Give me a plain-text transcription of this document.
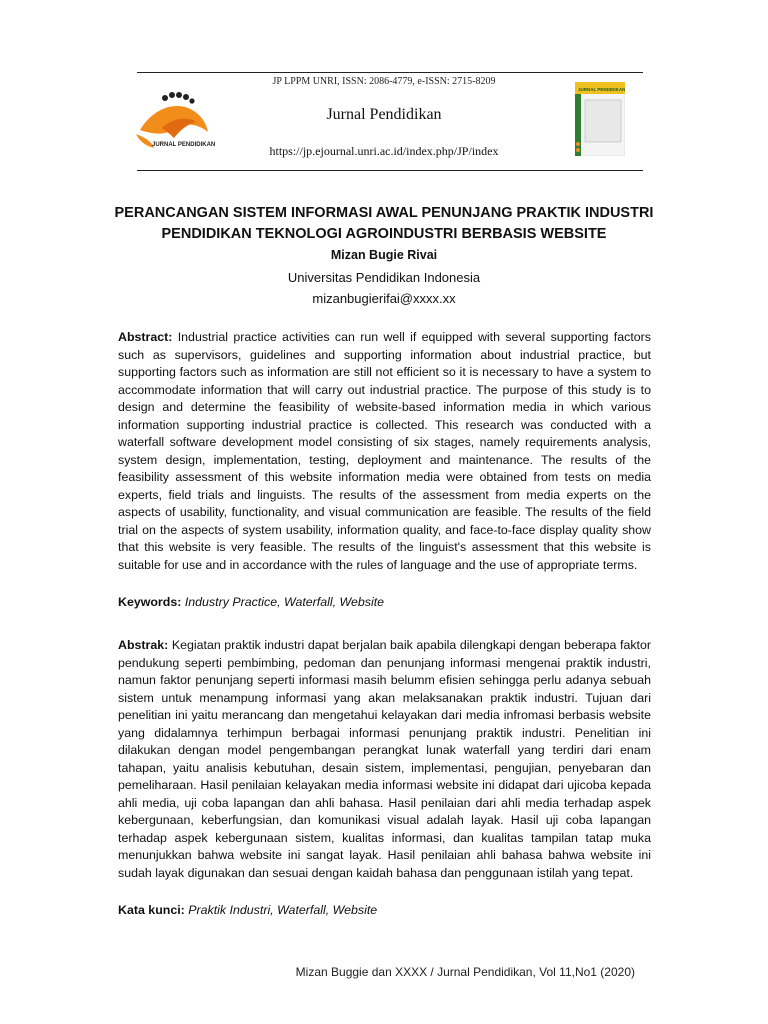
JURNAL PENDIDIKAN
JP LPPM UNRI, ISSN: 2086-4779, e-ISSN: 2715-8209
Jurnal Pendidikan
https://jp.ejournal.unri.ac.id/index.php/JP/index
JURNAL PENDIDIKAN
PERANCANGAN SISTEM INFORMASI AWAL PENUNJANG PRAKTIK INDUSTRI
PENDIDIKAN TEKNOLOGI AGROINDUSTRI BERBASIS WEBSITE
Mizan Bugie Rivai
Universitas Pendidikan Indonesia
mizanbugierifai@xxxx.xx
Abstract: Industrial practice activities can run well if equipped with several supporting factors such as supervisors, guidelines and supporting information about industrial practice, but supporting factors such as information are still not efficient so it is necessary to have a system to accommodate information that will carry out industrial practice. The purpose of this study is to design and determine the feasibility of website-based information media in which various information supporting industrial practice is collected. This research was conducted with a waterfall software development model consisting of six stages, namely requirements analysis, system design, implementation, testing, deployment and maintenance. The results of the feasibility assessment of this website information media were obtained from tests on media experts, field trials and linguists. The results of the assessment from media experts on the aspects of usability, functionality, and visual communication are feasible. The results of the field trial on the aspects of system usability, information quality, and face-to-face display quality show that this website is very feasible. The results of the linguist's assessment that this website is suitable for use and in accordance with the rules of language and the use of appropriate terms.
Keywords: Industry Practice, Waterfall, Website
Abstrak: Kegiatan praktik industri dapat berjalan baik apabila dilengkapi dengan beberapa faktor pendukung seperti pembimbing, pedoman dan penunjang informasi mengenai praktik industri, namun faktor penunjang seperti informasi masih belumm efisien sehingga perlu adanya sebuah sistem untuk menampung informasi yang akan melaksanakan praktik industri. Tujuan dari penelitian ini yaitu merancang dan mengetahui kelayakan dari media infromasi berbasis website yang didalamnya terhimpun berbagai informasi penunjang praktik industri. Penelitian ini dilakukan dengan model pengembangan perangkat lunak waterfall yang terdiri dari enam tahapan, yaitu analisis kebutuhan, desain sistem, implementasi, pengujian, penyebaran dan pemeliharaan. Hasil penilaian kelayakan media informasi website ini didapat dari ujicoba kepada ahli media, uji coba lapangan dan ahli bahasa. Hasil penilaian dari ahli media terhadap aspek kebergunaan, keberfungsian, dan komunikasi visual adalah layak. Hasil uji coba lapangan terhadap aspek kebergunaan sistem, kualitas informasi, dan kualitas tampilan tatap muka menunjukkan bahwa website ini sangat layak. Hasil penilaian ahli bahasa bahwa website ini sudah layak digunakan dan sesuai dengan kaidah bahasa dan penggunaan istilah yang tepat.
Kata kunci: Praktik Industri, Waterfall, Website
Mizan Buggie dan XXXX / Jurnal Pendidikan, Vol 11,No1 (2020)
